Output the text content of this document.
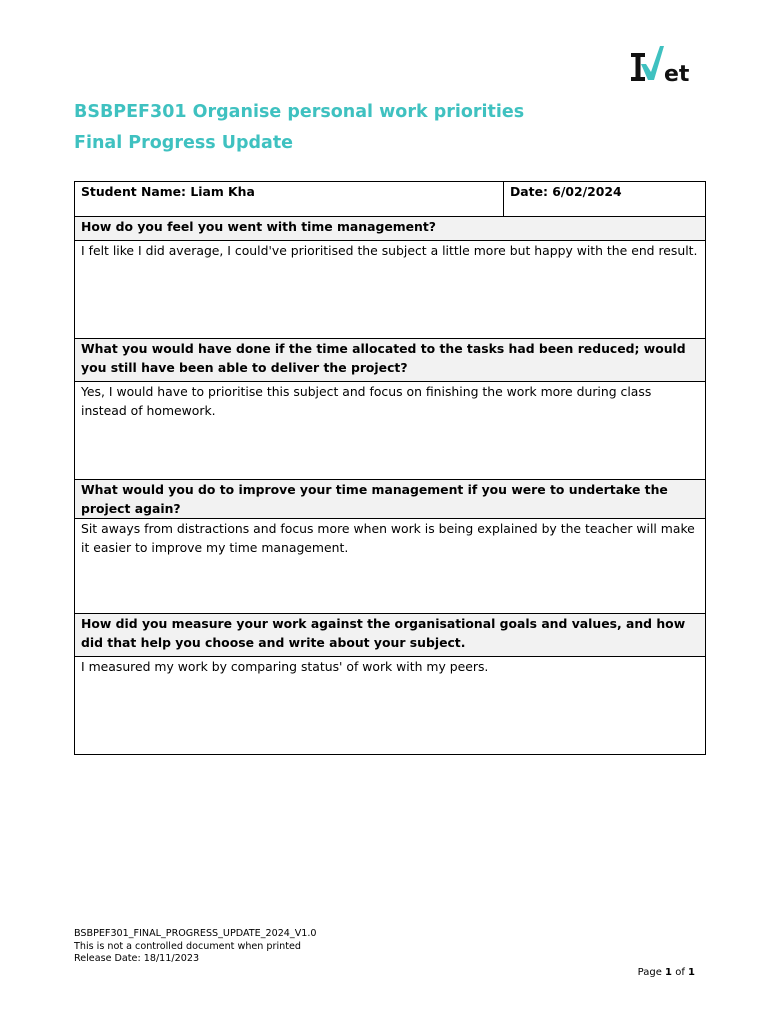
et
BSBPEF301 Organise personal work priorities
Final Progress Update
Student Name: Liam Kha	Date: 6/02/2024
How do you feel you went with time management?
I felt like I did average, I could've prioritised the subject a little more but happy with the end result.
What you would have done if the time allocated to the tasks had been reduced; would you still have been able to deliver the project?
Yes, I would have to prioritise this subject and focus on finishing the work more during class instead of homework.
What would you do to improve your time management if you were to undertake the project again?
Sit aways from distractions and focus more when work is being explained by the teacher will make it easier to improve my time management.
How did you measure your work against the organisational goals and values, and how did that help you choose and write about your subject.
I measured my work by comparing status' of work with my peers.
BSBPEF301_FINAL_PROGRESS_UPDATE_2024_V1.0
This is not a controlled document when printed
Release Date: 18/11/2023
Page 1 of 1
